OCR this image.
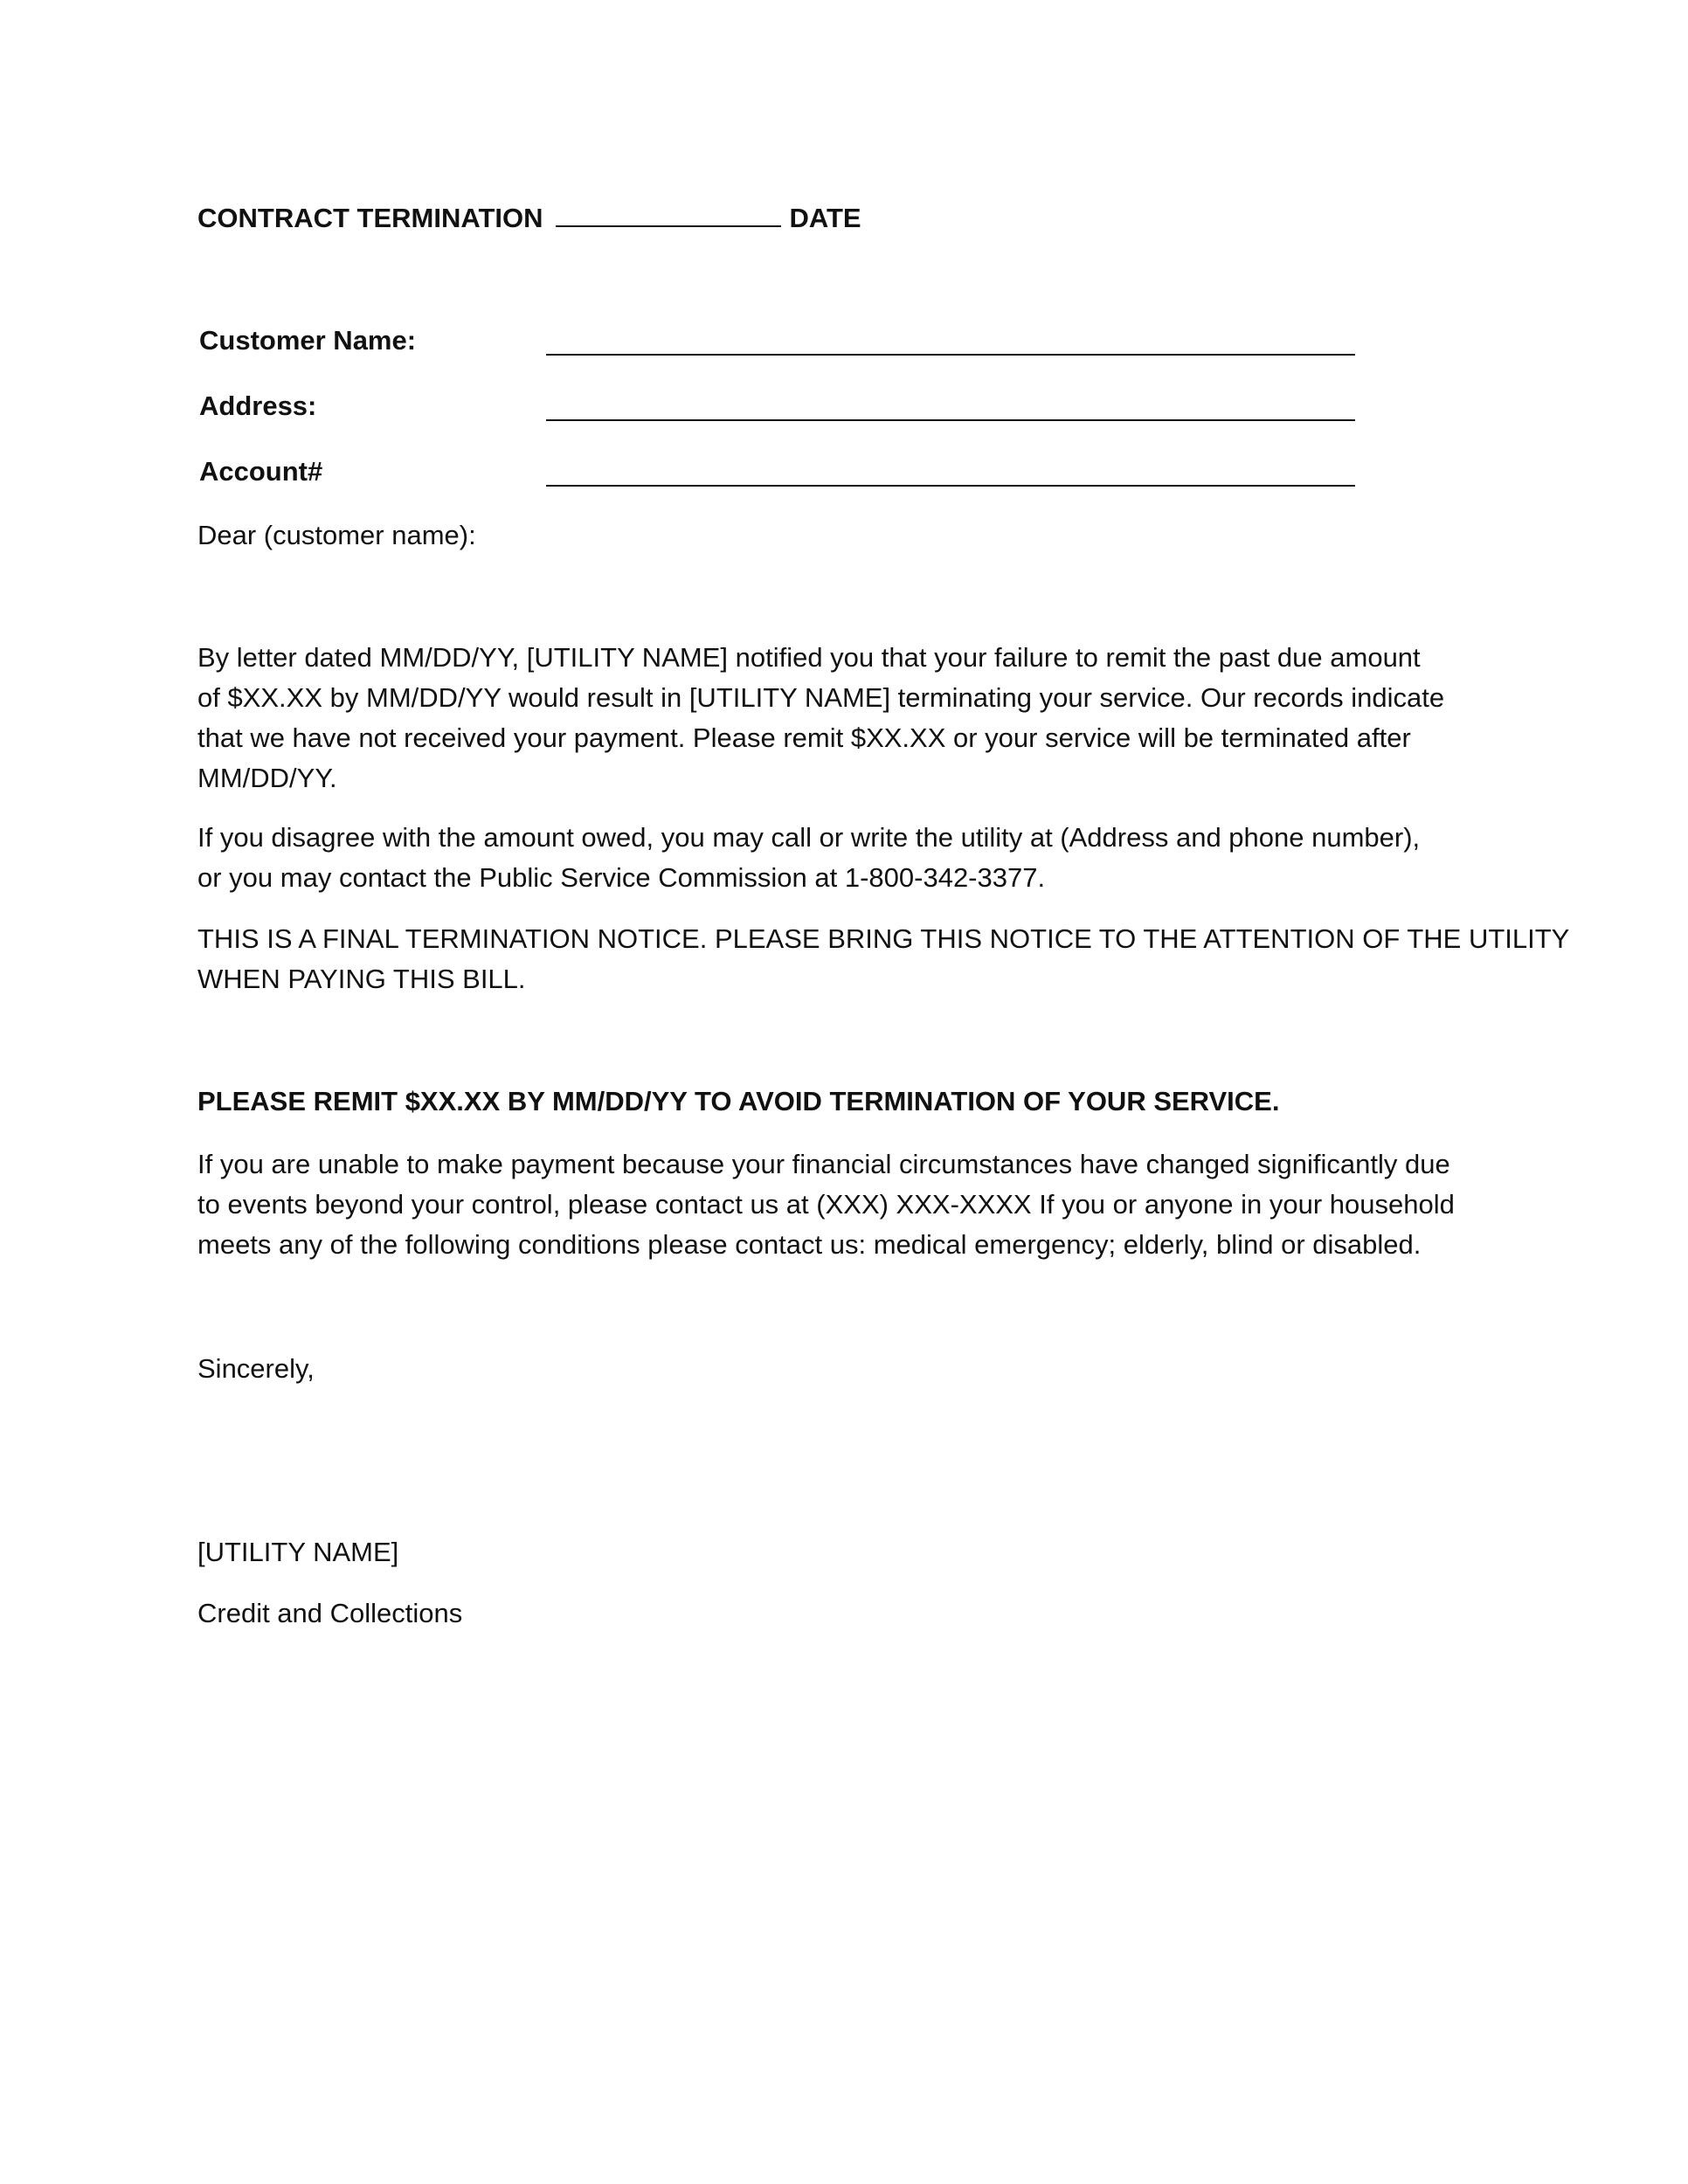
CONTRACT TERMINATION	DATE
Customer Name:
Address:
Account#
Dear (customer name):
By letter dated MM/DD/YY, [UTILITY NAME] notified you that your failure to remit the past due amount
of $XX.XX by MM/DD/YY would result in [UTILITY NAME] terminating your service. Our records indicate
that we have not received your payment. Please remit $XX.XX or your service will be terminated after
MM/DD/YY.
If you disagree with the amount owed, you may call or write the utility at (Address and phone number),
or you may contact the Public Service Commission at 1-800-342-3377.
THIS IS A FINAL TERMINATION NOTICE. PLEASE BRING THIS NOTICE TO THE ATTENTION OF THE UTILITY
WHEN PAYING THIS BILL.
PLEASE REMIT $XX.XX BY MM/DD/YY TO AVOID TERMINATION OF YOUR SERVICE.
If you are unable to make payment because your financial circumstances have changed significantly due
to events beyond your control, please contact us at (XXX) XXX-XXXX If you or anyone in your household
meets any of the following conditions please contact us: medical emergency; elderly, blind or disabled.
Sincerely,
[UTILITY NAME]
Credit and Collections
